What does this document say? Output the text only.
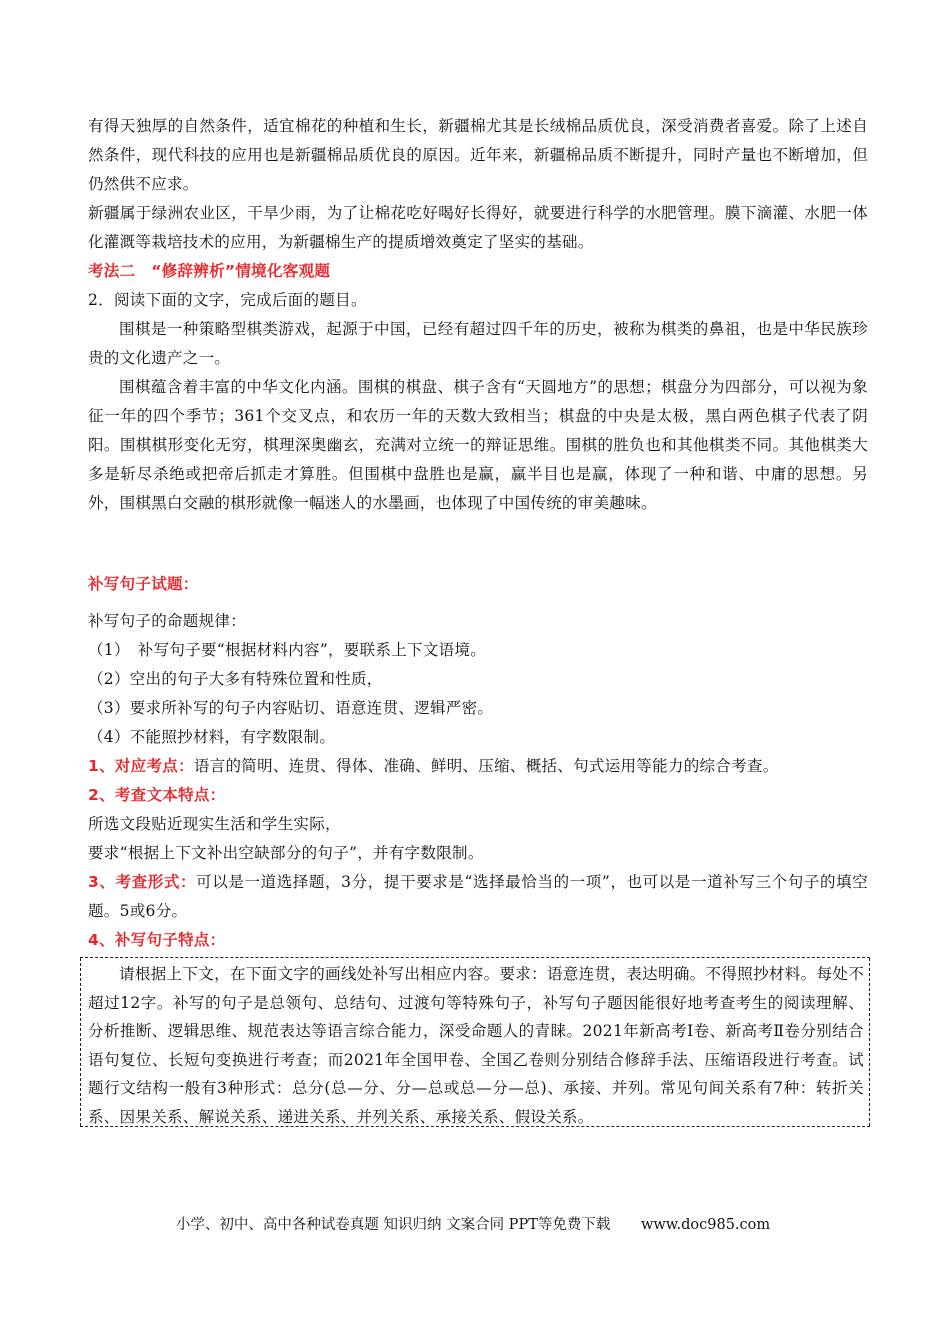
有得天独厚的自然条件，适宜棉花的种植和生长，新疆棉尤其是长绒棉品质优良，深受消费者喜爱。除了上述自然条件，现代科技的应用也是新疆棉品质优良的原因。近年来，新疆棉品质不断提升，同时产量也不断增加，但仍然供不应求。

新疆属于绿洲农业区，干旱少雨，为了让棉花吃好喝好长得好，就要进行科学的水肥管理。膜下滴灌、水肥一体化灌溉等栽培技术的应用，为新疆棉生产的提质增效奠定了坚实的基础。

考法二　“修辞辨析”情境化客观题

2．阅读下面的文字，完成后面的题目。

围棋是一种策略型棋类游戏，起源于中国，已经有超过四千年的历史，被称为棋类的鼻祖，也是中华民族珍贵的文化遗产之一。

围棋蕴含着丰富的中华文化内涵。围棋的棋盘、棋子含有“天圆地方”的思想；棋盘分为四部分，可以视为象征一年的四个季节；361个交叉点，和农历一年的天数大致相当；棋盘的中央是太极，黑白两色棋子代表了阴阳。围棋棋形变化无穷，棋理深奥幽玄，充满对立统一的辩证思维。围棋的胜负也和其他棋类不同。其他棋类大多是斩尽杀绝或把帝后抓走才算胜。但围棋中盘胜也是赢，赢半目也是赢，体现了一种和谐、中庸的思想。另外，围棋黑白交融的棋形就像一幅迷人的水墨画，也体现了中国传统的审美趣味。

补写句子试题：

补写句子的命题规律：

（1）　补写句子要“根据材料内容”，要联系上下文语境。

（2）空出的句子大多有特殊位置和性质，

（3）要求所补写的句子内容贴切、语意连贯、逻辑严密。

（4）不能照抄材料，有字数限制。

1、对应考点：语言的简明、连贯、得体、准确、鲜明、压缩、概括、句式运用等能力的综合考查。

2、考查文本特点：

所选文段贴近现实生活和学生实际，

要求“根据上下文补出空缺部分的句子”，并有字数限制。

3、考查形式：可以是一道选择题，3分，提干要求是“选择最恰当的一项”，也可以是一道补写三个句子的填空题。5或6分。

4、补写句子特点：

请根据上下文，在下面文字的画线处补写出相应内容。要求：语意连贯，表达明确。不得照抄材料。每处不超过12字。补写的句子是总领句、总结句、过渡句等特殊句子，补写句子题因能很好地考查考生的阅读理解、分析推断、逻辑思维、规范表达等语言综合能力，深受命题人的青睐。2021年新高考Ⅰ卷、新高考Ⅱ卷分别结合语句复位、长短句变换进行考查；而2021年全国甲卷、全国乙卷则分别结合修辞手法、压缩语段进行考查。试题行文结构一般有3种形式：总分(总—分、分—总或总—分—总)、承接、并列。常见句间关系有7种：转折关系、因果关系、解说关系、递进关系、并列关系、承接关系、假设关系。

小学、初中、高中各种试卷真题 知识归纳 文案合同 PPT等免费下载 www.doc985.com
